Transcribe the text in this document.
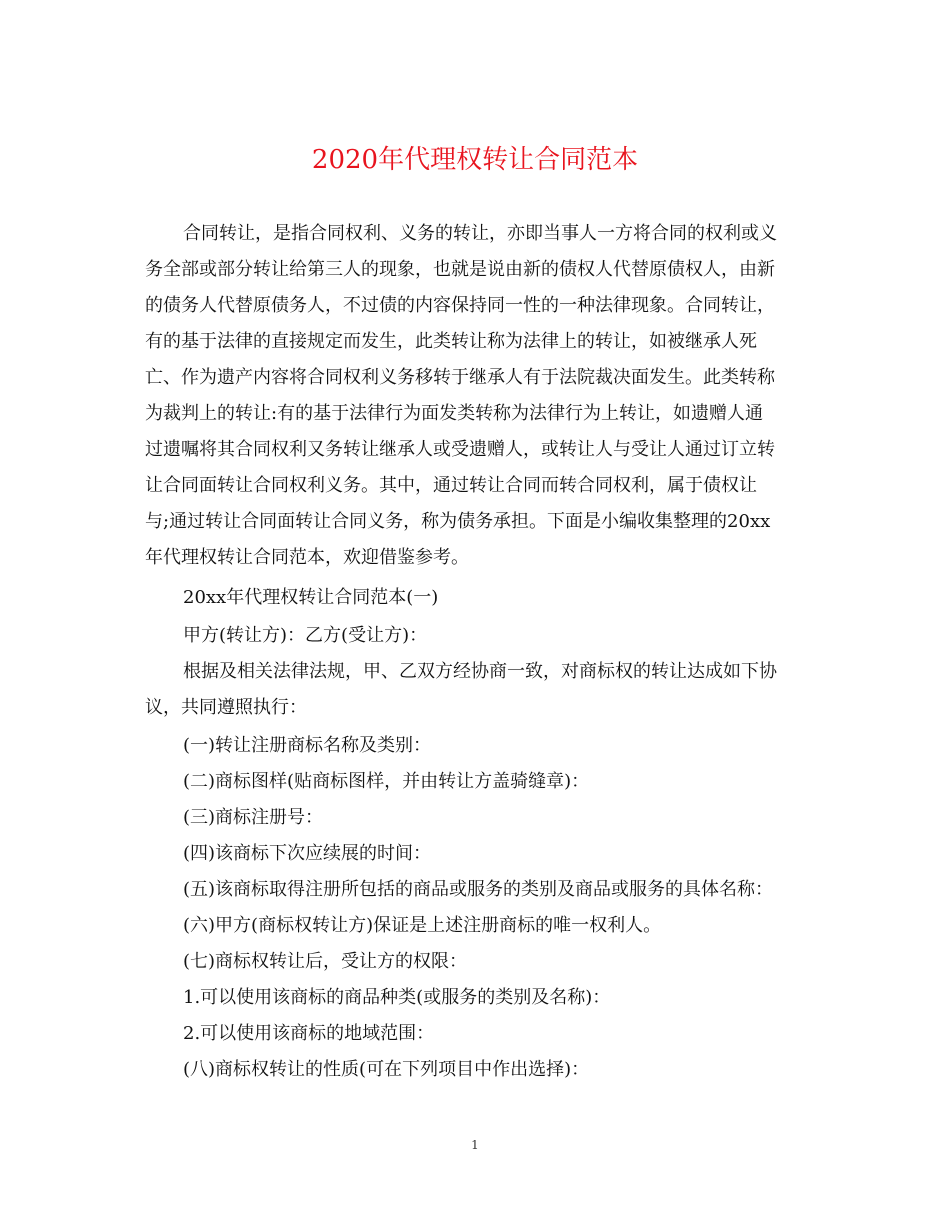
2020年代理权转让合同范本
合同转让，是指合同权利、义务的转让，亦即当事人一方将合同的权利或义
务全部或部分转让给第三人的现象，也就是说由新的债权人代替原债权人，由新
的债务人代替原债务人，不过债的内容保持同一性的一种法律现象。合同转让，
有的基于法律的直接规定而发生，此类转让称为法律上的转让，如被继承人死
亡、作为遗产内容将合同权利义务移转于继承人有于法院裁决面发生。此类转称
为裁判上的转让:有的基于法律行为面发类转称为法律行为上转让，如遗赠人通
过遗嘱将其合同权利又务转让继承人或受遗赠人，或转让人与受让人通过订立转
让合同面转让合同权利义务。其中，通过转让合同而转合同权利，属于债权让
与;通过转让合同面转让合同义务，称为债务承担。下面是小编收集整理的20xx
年代理权转让合同范本，欢迎借鉴参考。
20xx年代理权转让合同范本(一)
甲方(转让方)：乙方(受让方)：
根据及相关法律法规，甲、乙双方经协商一致，对商标权的转让达成如下协
议，共同遵照执行：
(一)转让注册商标名称及类别：
(二)商标图样(贴商标图样，并由转让方盖骑缝章)：
(三)商标注册号：
(四)该商标下次应续展的时间：
(五)该商标取得注册所包括的商品或服务的类别及商品或服务的具体名称：
(六)甲方(商标权转让方)保证是上述注册商标的唯一权利人。
(七)商标权转让后，受让方的权限：
1.可以使用该商标的商品种类(或服务的类别及名称)：
2.可以使用该商标的地域范围：
(八)商标权转让的性质(可在下列项目中作出选择)：
1
